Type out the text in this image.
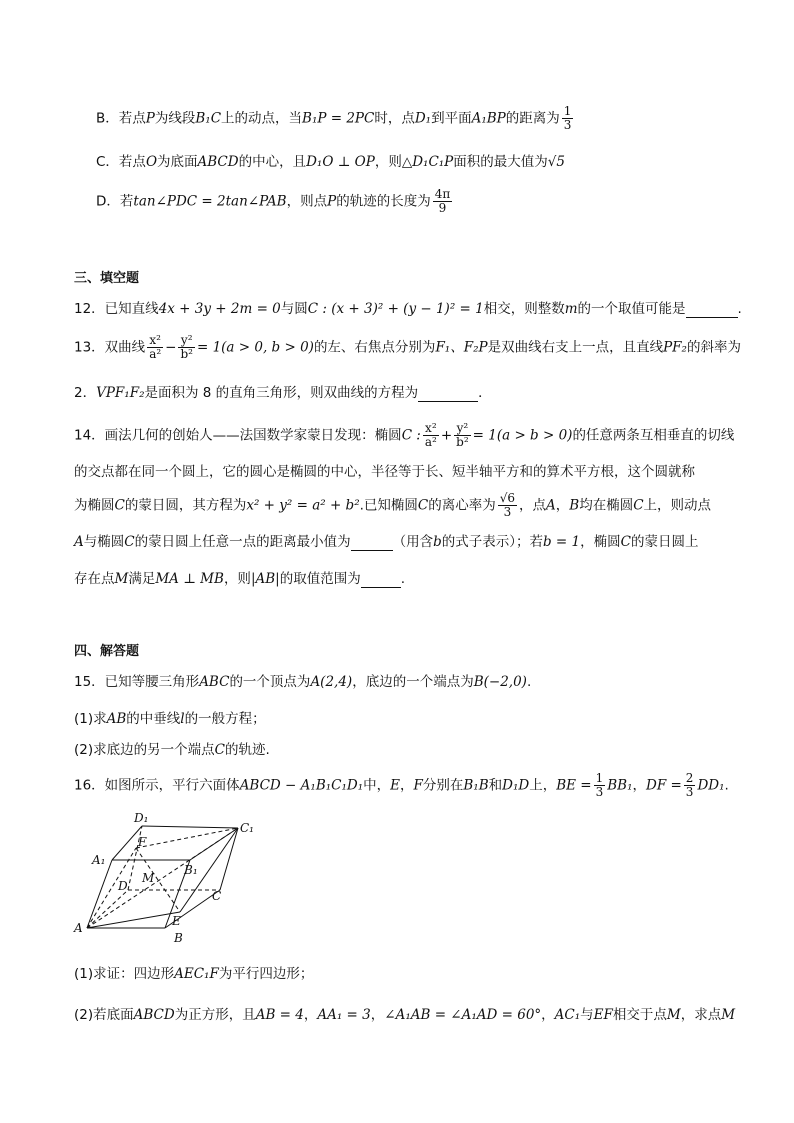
B．若点P为线段B₁C上的动点，当B₁P = 2PC时，点D₁到平面A₁BP的距离为 $\frac{1}{3}$
C．若点O为底面ABCD的中心，且D₁O ⊥ OP，则△D₁C₁P面积的最大值为√5
D．若tan∠PDC = 2tan∠PAB，则点P的轨迹的长度为 $\frac{4\pi}{9}$
三、填空题
12．已知直线4x + 3y + 2m = 0与圆C : (x + 3)² + (y − 1)² = 1相交，则整数m的一个取值可能是	.
13．双曲线 $\frac{\text{x²}}{\text{a²}} - \frac{\text{y²}}{\text{b²}} = 1(a > 0$, b > 0)的左、右焦点分别为F₁、F₂P是双曲线右支上一点，且直线PF₂的斜率为
2．VPF₁F₂是面积为 8 的直角三角形，则双曲线的方程为	．
14．画法几何的创始人——法国数学家蒙日发现：椭圆C : $\frac{\text{x²}}{\text{a²}} + \frac{\text{y²}}{\text{b²}} = 1(a > b > 0)$的任意两条互相垂直的切线
的交点都在同一个圆上，它的圆心是椭圆的中心，半径等于长、短半轴平方和的算术平方根，这个圆就称
为椭圆C的蒙日圆，其方程为x² + y² = a² + b².已知椭圆C的离心率为 $\frac{√6}{3}$ ，点A，B均在椭圆C上，则动点
A与椭圆C的蒙日圆上任意一点的距离最小值为	（用含b的式子表示）；若b = 1，椭圆C的蒙日圆上
存在点M满足MA ⊥ MB，则|AB|的取值范围为	.
四、解答题
15．已知等腰三角形ABC的一个顶点为A(2,4)，底边的一个端点为B(−2,0).
(1)求AB的中垂线l的一般方程；
(2)求底边的另一个端点C的轨迹.
16．如图所示，平行六面体ABCD − A₁B₁C₁D₁中，E，F分别在B₁B和D₁D上，BE = $\frac{1}{3} BB_1$，DF = $\frac{2}{3} DD_1$.
D₁
C₁
A₁
F
B₁
D
M
C
E
A
B
(1)求证：四边形AEC₁F为平行四边形；
(2)若底面ABCD为正方形，且AB = 4，AA₁ = 3，∠A₁AB = ∠A₁AD = 60°，AC₁与EF相交于点M，求点M
